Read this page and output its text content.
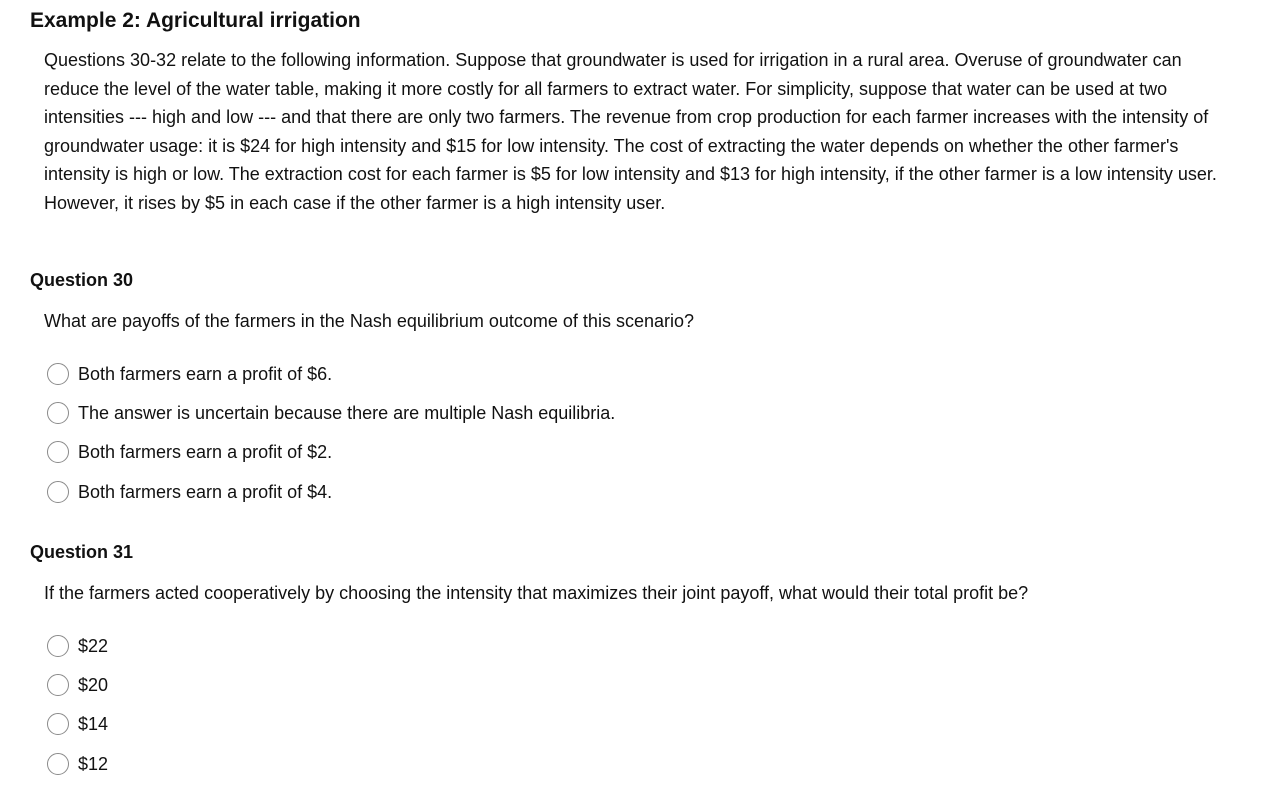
Example 2: Agricultural irrigation

Questions 30-32 relate to the following information. Suppose that groundwater is used for irrigation in a rural area. Overuse of groundwater can reduce the level of the water table, making it more costly for all farmers to extract water. For simplicity, suppose that water can be used at two intensities --- high and low --- and that there are only two farmers. The revenue from crop production for each farmer increases with the intensity of groundwater usage: it is $24 for high intensity and $15 for low intensity. The cost of extracting the water depends on whether the other farmer's intensity is high or low. The extraction cost for each farmer is $5 for low intensity and $13 for high intensity, if the other farmer is a low intensity user. However, it rises by $5 in each case if the other farmer is a high intensity user.

Question 30
What are payoffs of the farmers in the Nash equilibrium outcome of this scenario?
Both farmers earn a profit of $6.
The answer is uncertain because there are multiple Nash equilibria.
Both farmers earn a profit of $2.
Both farmers earn a profit of $4.
Question 31
If the farmers acted cooperatively by choosing the intensity that maximizes their joint payoff, what would their total profit be?
$22
$20
$14
$12
